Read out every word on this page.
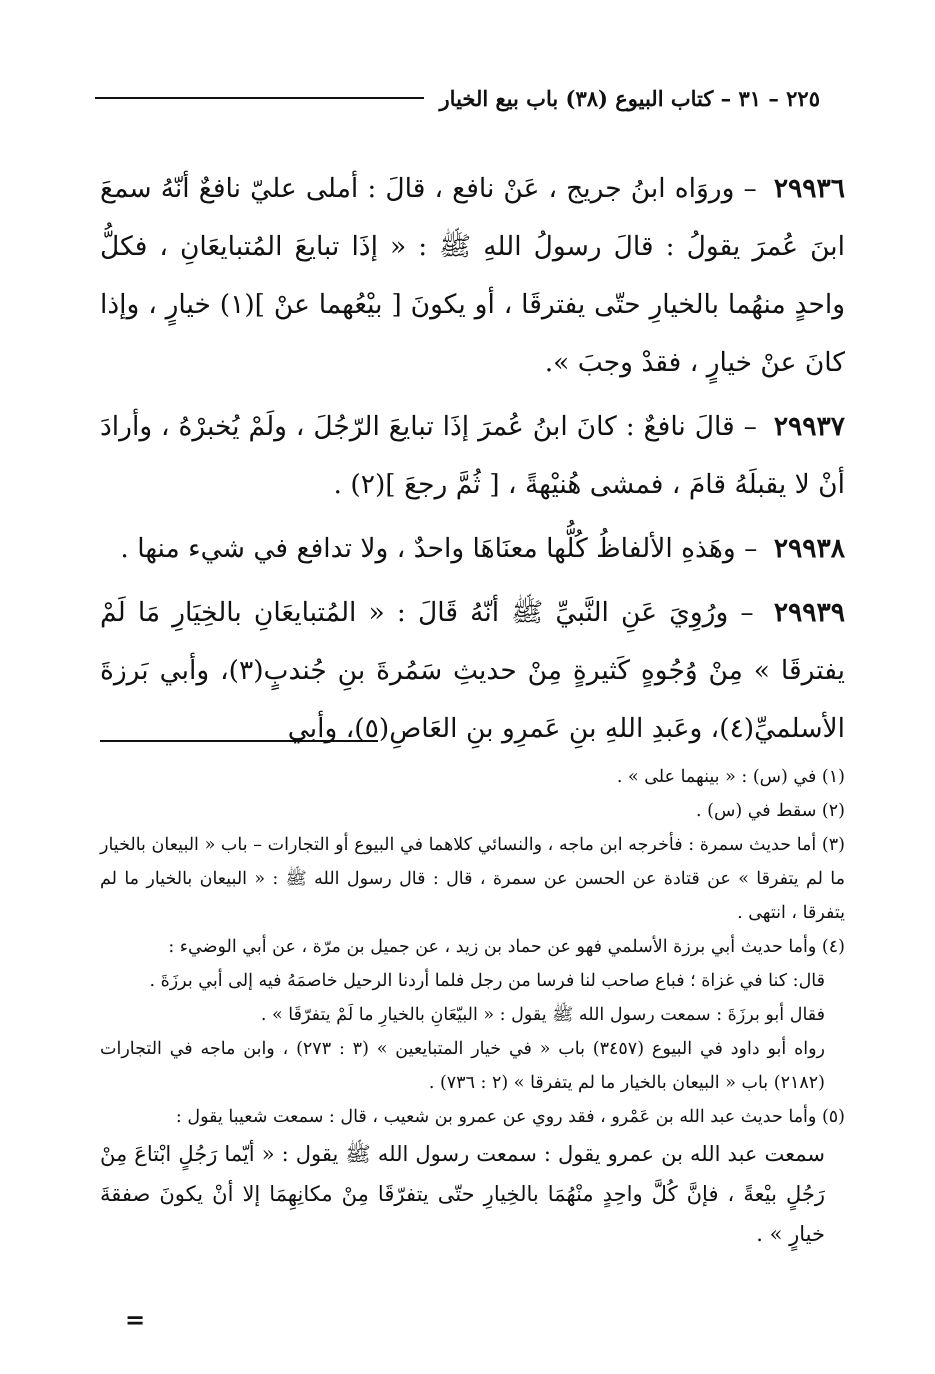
٢٢٥ – ٣١ – كتاب البيوع (٣٨) باب بيع الخيار

٢٩٩٣٦ – وروَاه ابنُ جريج ، عَنْ نافع ، قالَ : أملى عليّ نافعٌ أنّهُ سمعَ ابنَ عُمرَ يقولُ : قالَ رسولُ اللهِ ﷺ : « إذَا تبايعَ المُتبايعَانِ ، فكلُّ واحدٍ منهُما بالخيارِ حتّى يفترقَا ، أو يكونَ [ بيْعُهما عنْ ](١) خيارٍ ، وإذا كانَ عنْ خيارٍ ، فقدْ وجبَ ».

٢٩٩٣٧ – قالَ نافعٌ : كانَ ابنُ عُمرَ إذَا تبايعَ الرّجُلَ ، ولَمْ يُخبرْهُ ، وأرادَ أنْ لا يقبلَهُ قامَ ، فمشى هُنيْهةً ، [ ثُمَّ رجعَ ](٢) .

٢٩٩٣٨ – وهَذهِ الألفاظُ كُلُّها معنَاهَا واحدٌ ، ولا تدافع في شيء منها .

٢٩٩٣٩ – ورُوِيَ عَنِ النَّبيِّ ﷺ أنّهُ قَالَ : « المُتبايعَانِ بالخِيَارِ مَا لَمْ يفترقَا » مِنْ وُجُوهٍ كَثيرةٍ مِنْ حديثِ سَمُرةَ بنِ جُندبٍ(٣)، وأبي بَرزةَ الأسلميِّ(٤)، وعَبدِ اللهِ بنِ عَمرِو بنِ العَاصِ(٥)، وأبي

(١) في (س) : « بينهما على » .

(٢) سقط في (س) .

(٣) أما حديث سمرة : فأخرجه ابن ماجه ، والنسائي كلاهما في البيوع أو التجارات – باب « البيعان بالخيار ما لم يتفرقا » عن قتادة عن الحسن عن سمرة ، قال : قال رسول الله ﷺ : « البيعان بالخيار ما لم يتفرقا ، انتهى .

(٤) وأما حديث أبي برزة الأسلمي فهو عن حماد بن زيد ، عن جميل بن مرّة ، عن أبي الوضيء :

قال: كنا في غزاة ؛ فباع صاحب لنا فرسا من رجل فلما أردنا الرحيل خاصمَهُ فيه إلى أبي برزَةَ .

فقال أبو برزَةَ : سمعت رسول الله ﷺ يقول : « البيّعَانِ بالخيارِ ما لَمْ يتفرّقَا » .

رواه أبو داود في البيوع (٣٤٥٧) باب « في خيار المتبايعين » (٣ : ٢٧٣) ، وابن ماجه في التجارات (٢١٨٢) باب « البيعان بالخيار ما لم يتفرقا » (٢ : ٧٣٦) .

(٥) وأما حديث عبد الله بن عَمْرو ، فقد روي عن عمرو بن شعيب ، قال : سمعت شعيبا يقول :

سمعت عبد الله بن عمرو يقول : سمعت رسول الله ﷺ يقول : « أيّما رَجُلٍ ابْتاعَ مِنْ رَجُلٍ بيْعةً ، فإنَّ كُلَّ واحِدٍ منْهُمَا بالخِيارِ حتّى يتفرّقَا مِنْ مكانِهِمَا إلا أنْ يكونَ صفقةَ خيارٍ » .

=
